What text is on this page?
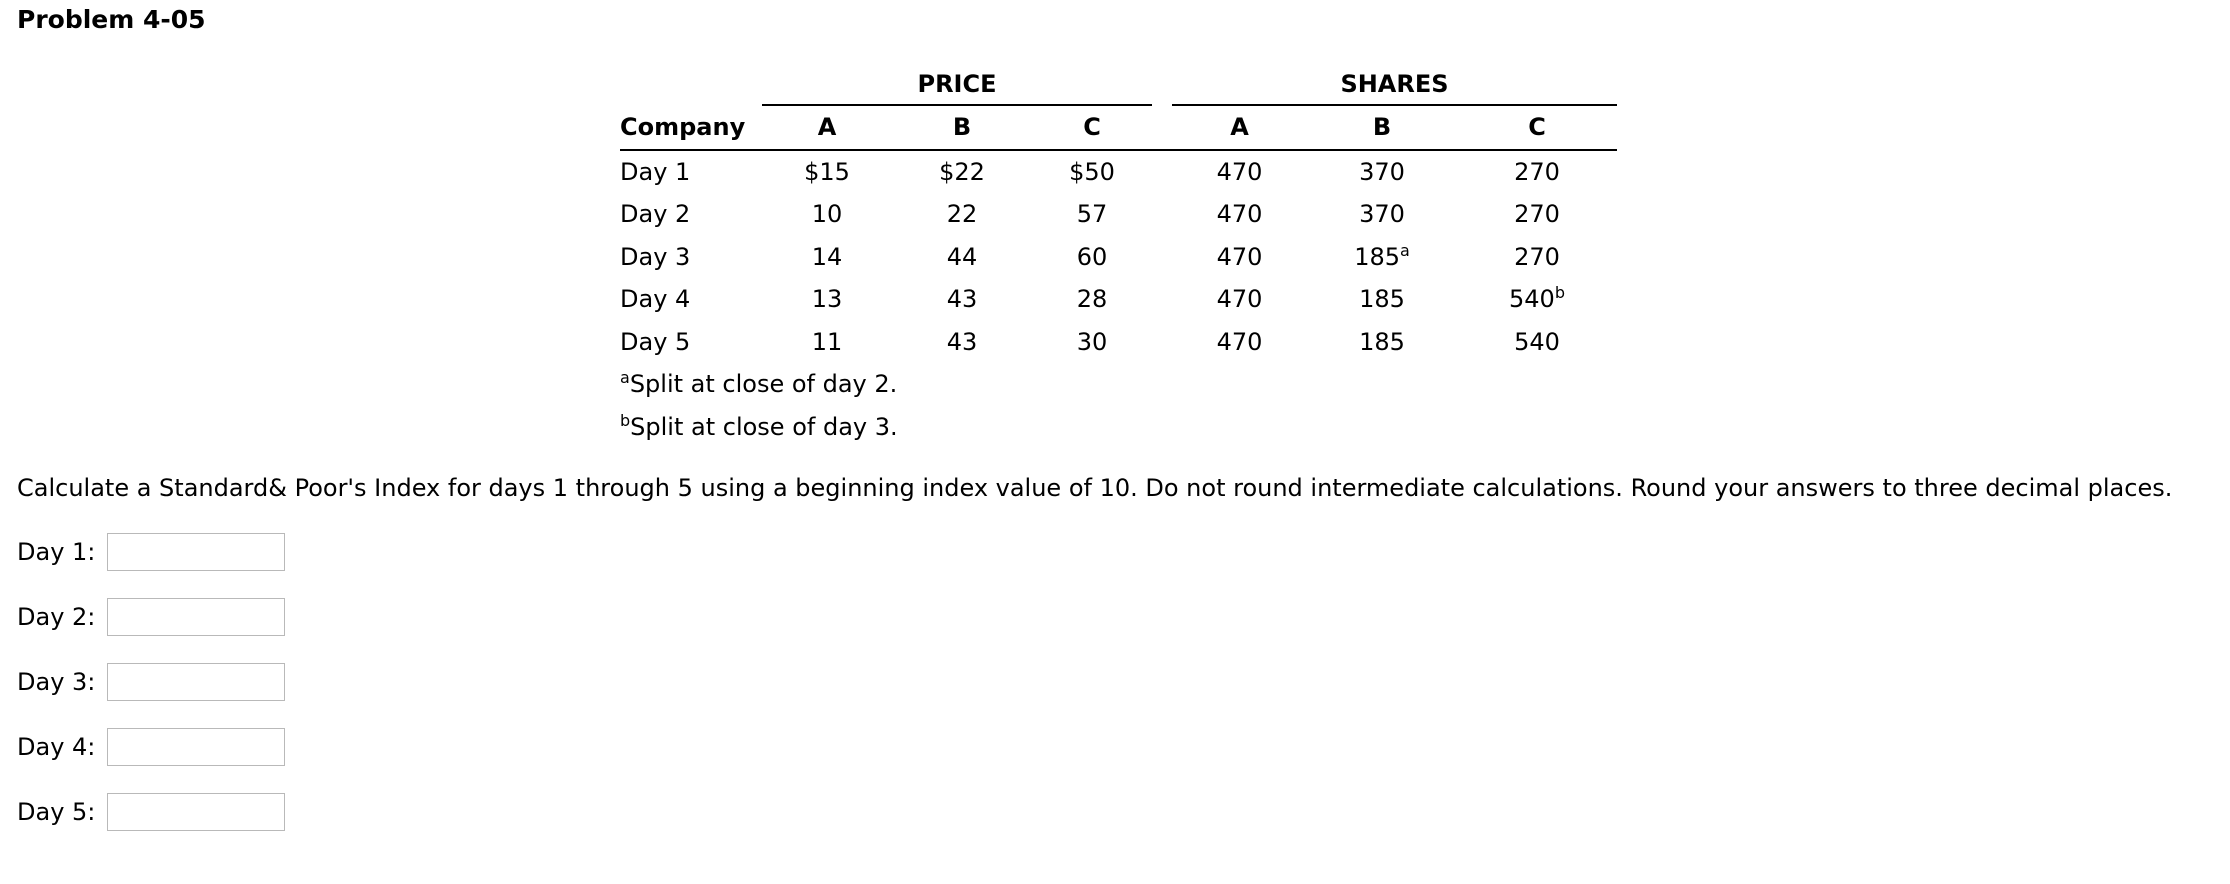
Problem 4-05
	PRICE				SHARES		
Company	A	B	C		A	B	C
Day 1	$15	$22	$50		470	370	270
Day 2	10	22	57		470	370	270
Day 3	14	44	60		470	185$^a$	270
Day 4	13	43	28		470	185	540$^b$
Day 5	11	43	30		470	185	540
$^a$Split at close of day 2.							
$^b$Split at close of day 3.							

Calculate a Standard& Poor's Index for days 1 through 5 using a beginning index value of 10. Do not round intermediate calculations. Round your answers to three decimal places.

Day 1:
Day 2:
Day 3:
Day 4:
Day 5:
